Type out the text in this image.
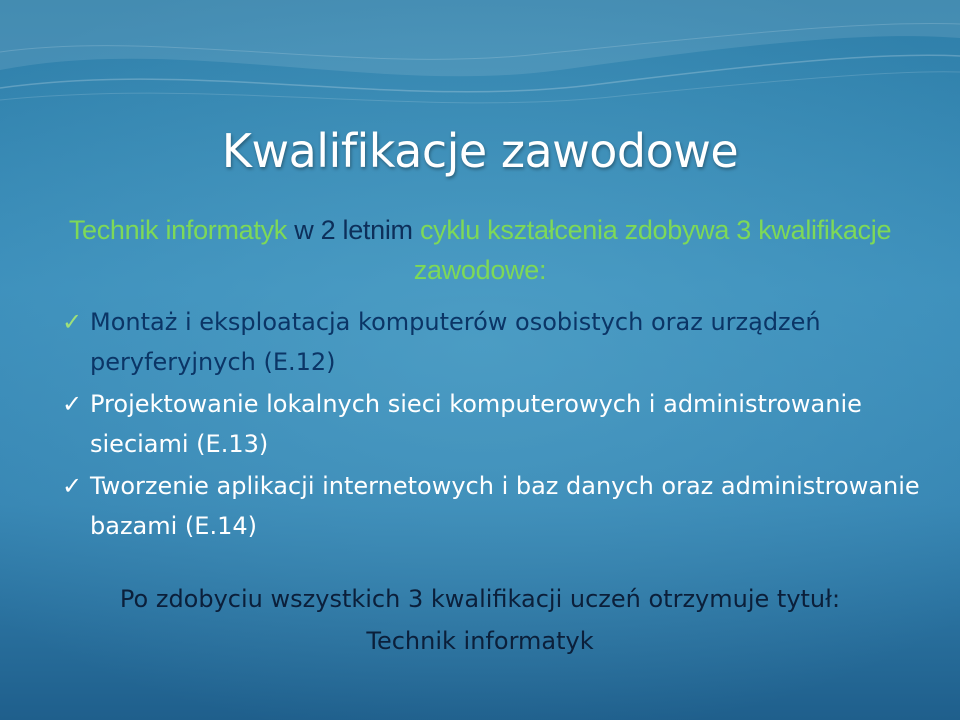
Kwalifikacje zawodowe
Technik informatyk w 2 letnim cyklu kształcenia zdobywa 3 kwalifikacje zawodowe:
✓ Montaż i eksploatacja komputerów osobistych oraz urządzeń peryferyjnych (E.12)
✓ Projektowanie lokalnych sieci komputerowych i administrowanie sieciami (E.13)
✓ Tworzenie aplikacji internetowych i baz danych oraz administrowanie bazami (E.14)
Po zdobyciu wszystkich 3 kwalifikacji uczeń otrzymuje tytuł:
Technik informatyk
